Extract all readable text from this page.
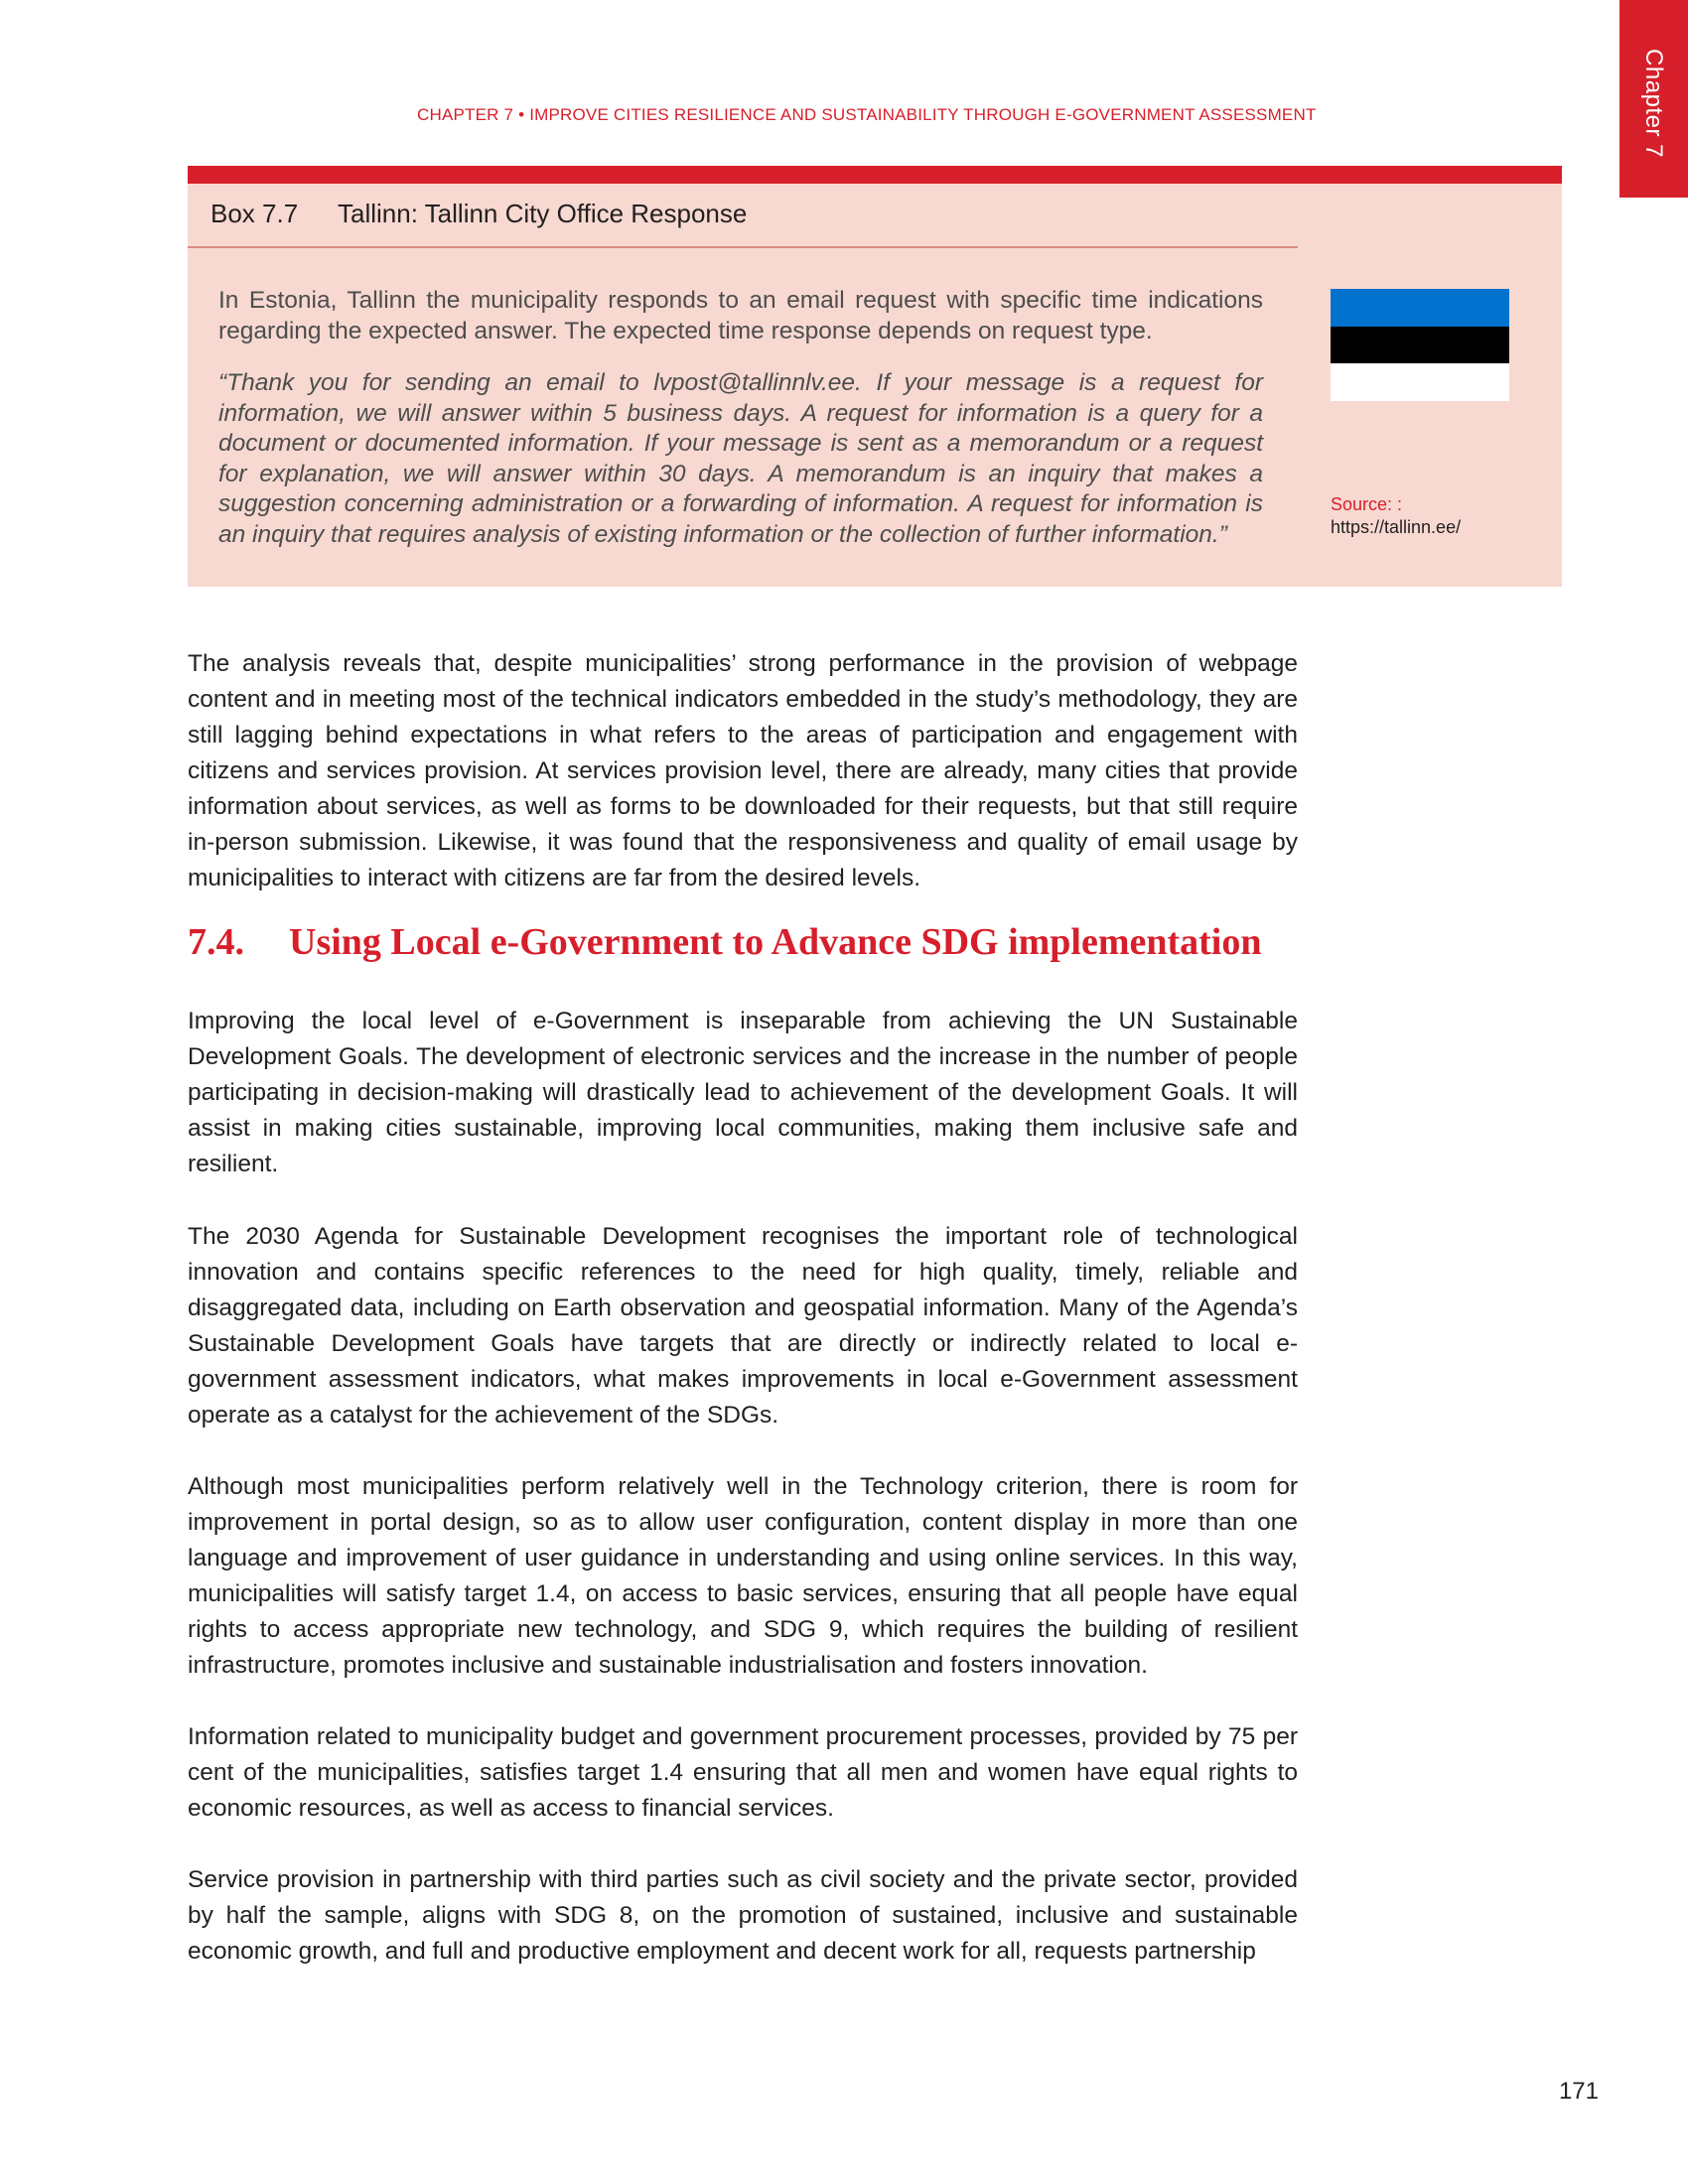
Chapter 7
CHAPTER 7 • IMPROVE CITIES RESILIENCE AND SUSTAINABILITY THROUGH E-GOVERNMENT ASSESSMENT
Box 7.7 Tallinn: Tallinn City Office Response

In Estonia, Tallinn the municipality responds to an email request with specific time indications regarding the expected answer. The expected time response depends on request type.

“Thank you for sending an email to lvpost@tallinnlv.ee. If your message is a request for information, we will answer within 5 business days. A request for information is a query for a document or documented information. If your message is sent as a memorandum or a request for explanation, we will answer within 30 days. A memorandum is an inquiry that makes a suggestion concerning administration or a forwarding of information. A request for information is an inquiry that requires analysis of existing information or the collection of further information.”

Source: :
https://tallinn.ee/

The analysis reveals that, despite municipalities’ strong performance in the provision of webpage content and in meeting most of the technical indicators embedded in the study’s methodology, they are still lagging behind expectations in what refers to the areas of participation and engagement with citizens and services provision. At services provision level, there are already, many cities that provide information about services, as well as forms to be downloaded for their requests, but that still require in-person submission. Likewise, it was found that the responsiveness and quality of email usage by municipalities to interact with citizens are far from the desired levels.

7.4. Using Local e-Government to Advance SDG implementation

Improving the local level of e-Government is inseparable from achieving the UN Sustainable Development Goals. The development of electronic services and the increase in the number of people participating in decision-making will drastically lead to achievement of the development Goals. It will assist in making cities sustainable, improving local communities, making them inclusive safe and resilient.

The 2030 Agenda for Sustainable Development recognises the important role of technological innovation and contains specific references to the need for high quality, timely, reliable and disaggregated data, including on Earth observation and geospatial information. Many of the Agenda’s Sustainable Development Goals have targets that are directly or indirectly related to local e-government assessment indicators, what makes improvements in local e-Government assessment operate as a catalyst for the achievement of the SDGs.

Although most municipalities perform relatively well in the Technology criterion, there is room for improvement in portal design, so as to allow user configuration, content display in more than one language and improvement of user guidance in understanding and using online services. In this way, municipalities will satisfy target 1.4, on access to basic services, ensuring that all people have equal rights to access appropriate new technology, and SDG 9, which requires the building of resilient infrastructure, promotes inclusive and sustainable industrialisation and fosters innovation.

Information related to municipality budget and government procurement processes, provided by 75 per cent of the municipalities, satisfies target 1.4 ensuring that all men and women have equal rights to economic resources, as well as access to financial services.

Service provision in partnership with third parties such as civil society and the private sector, provided by half the sample, aligns with SDG 8, on the promotion of sustained, inclusive and sustainable economic growth, and full and productive employment and decent work for all, requests partnership

171
